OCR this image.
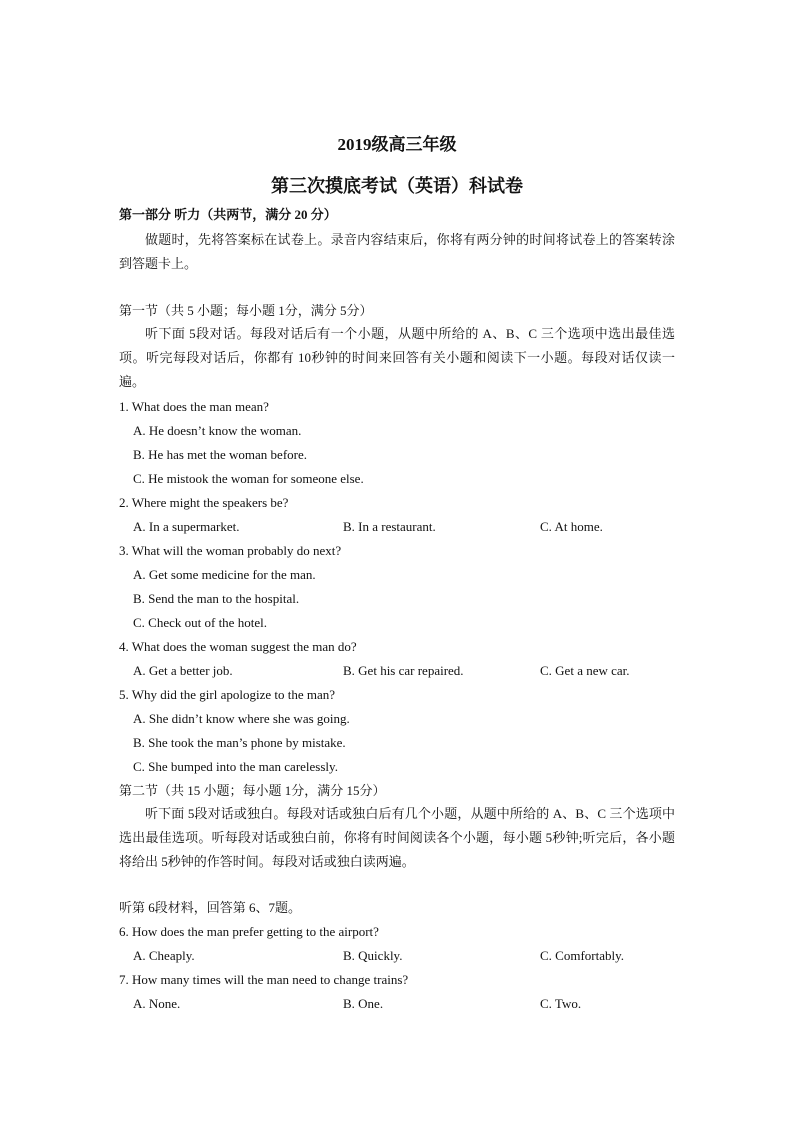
2019级高三年级
第三次摸底考试（英语）科试卷
第一部分 听力（共两节，满分 20 分）
做题时，先将答案标在试卷上。录音内容结束后，你将有两分钟的时间将试卷上的答案转涂到答题卡上。
第一节（共 5 小题；每小题 1分，满分 5分）
听下面 5段对话。每段对话后有一个小题，从题中所给的 A、B、C 三个选项中选出最佳选项。听完每段对话后，你都有 10秒钟的时间来回答有关小题和阅读下一小题。每段对话仅读一遍。
1. What does the man mean?
A. He doesn’t know the woman.
B. He has met the woman before.
C. He mistook the woman for someone else.
2. Where might the speakers be?
A. In a supermarket.	B. In a restaurant.	C. At home.
3. What will the woman probably do next?
A. Get some medicine for the man.
B. Send the man to the hospital.
C. Check out of the hotel.
4. What does the woman suggest the man do?
A. Get a better job.	B. Get his car repaired.	C. Get a new car.
5. Why did the girl apologize to the man?
A. She didn’t know where she was going.
B. She took the man’s phone by mistake.
C. She bumped into the man carelessly.
第二节（共 15 小题；每小题 1分，满分 15分）
听下面 5段对话或独白。每段对话或独白后有几个小题，从题中所给的 A、B、C 三个选项中选出最佳选项。听每段对话或独白前，你将有时间阅读各个小题，每小题 5秒钟;听完后，各小题将给出 5秒钟的作答时间。每段对话或独白读两遍。
听第 6段材料，回答第 6、7题。
6. How does the man prefer getting to the airport?
A. Cheaply.	B. Quickly.	C. Comfortably.
7. How many times will the man need to change trains?
A. None.	B. One.	C. Two.
